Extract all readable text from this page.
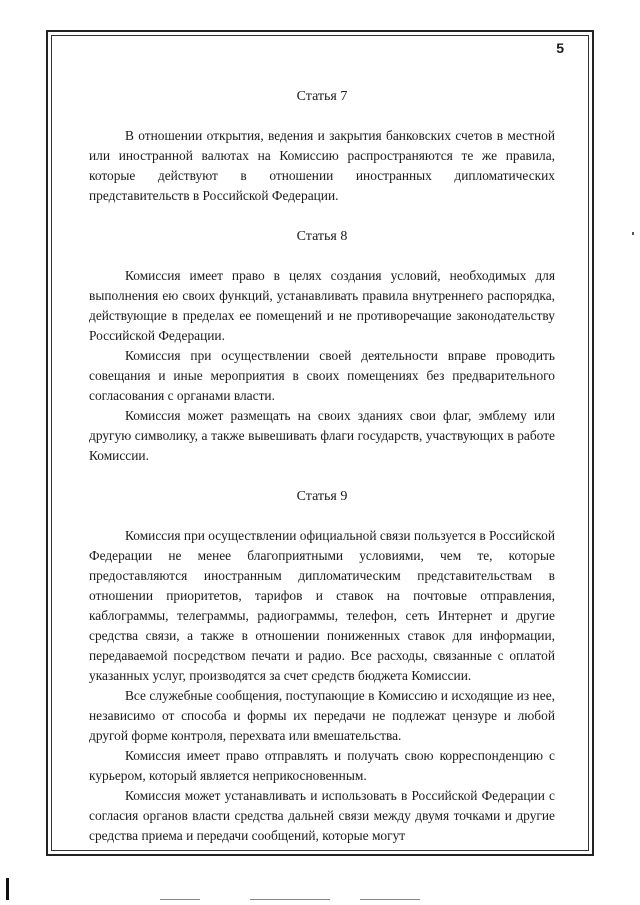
5

Статья 7

В отношении открытия, ведения и закрытия банковских счетов в местной или иностранной валютах на Комиссию распространяются те же правила, которые действуют в отношении иностранных дипломатических представительств в Российской Федерации.

Статья 8

Комиссия имеет право в целях создания условий, необходимых для выполнения ею своих функций, устанавливать правила внутреннего распорядка, действующие в пределах ее помещений и не противоречащие законодательству Российской Федерации.

Комиссия при осуществлении своей деятельности вправе проводить совещания и иные мероприятия в своих помещениях без предварительного согласования с органами власти.

Комиссия может размещать на своих зданиях свои флаг, эмблему или другую символику, а также вывешивать флаги государств, участвующих в работе Комиссии.

Статья 9

Комиссия при осуществлении официальной связи пользуется в Российской Федерации не менее благоприятными условиями, чем те, которые предоставляются иностранным дипломатическим представительствам в отношении приоритетов, тарифов и ставок на почтовые отправления, каблограммы, телеграммы, радиограммы, телефон, сеть Интернет и другие средства связи, а также в отношении пониженных ставок для информации, передаваемой посредством печати и радио. Все расходы, связанные с оплатой указанных услуг, производятся за счет средств бюджета Комиссии.

Все служебные сообщения, поступающие в Комиссию и исходящие из нее, независимо от способа и формы их передачи не подлежат цензуре и любой другой форме контроля, перехвата или вмешательства.

Комиссия имеет право отправлять и получать свою корреспонденцию с курьером, который является неприкосновенным.

Комиссия может устанавливать и использовать в Российской Федерации с согласия органов власти средства дальней связи между двумя точками и другие средства приема и передачи сообщений, которые могут
